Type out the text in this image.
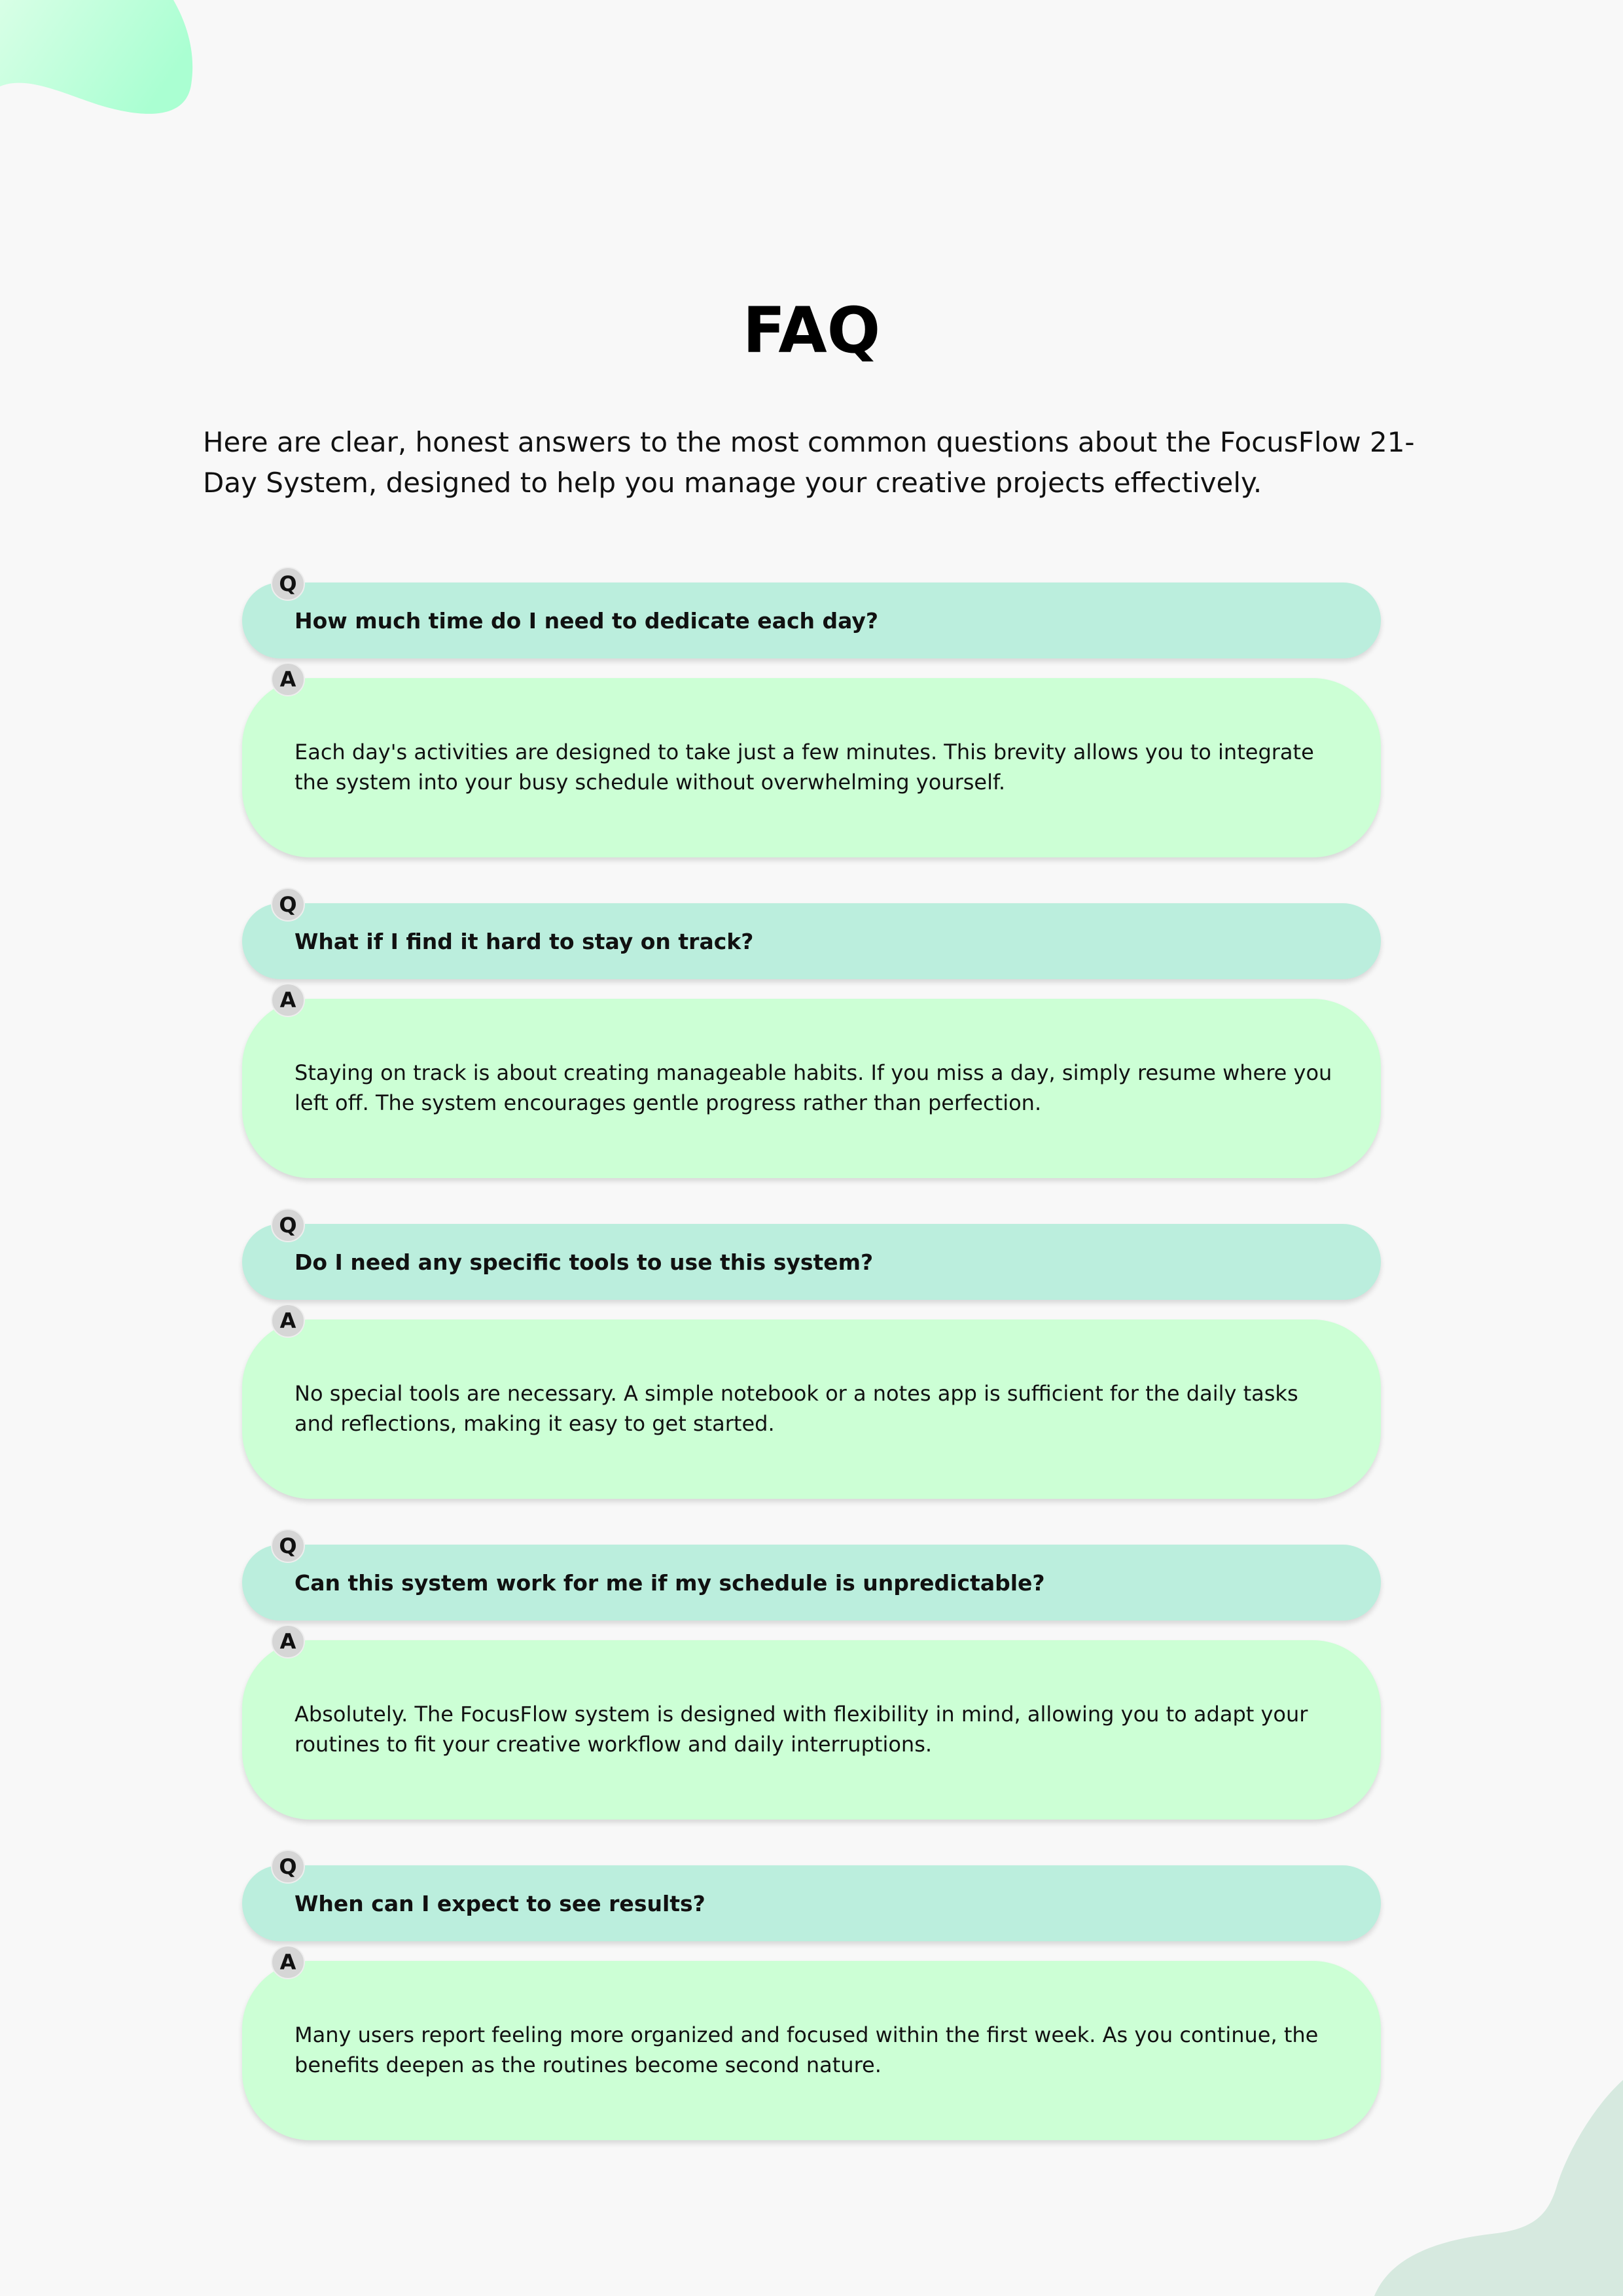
FAQ

Here are clear, honest answers to the most common questions about the FocusFlow 21-Day System, designed to help you manage your creative projects effectively.

Q
How much time do I need to dedicate each day?
A

Each day's activities are designed to take just a few minutes. This brevity allows you to integrate the system into your busy schedule without overwhelming yourself.

Q
What if I find it hard to stay on track?
A

Staying on track is about creating manageable habits. If you miss a day, simply resume where you left off. The system encourages gentle progress rather than perfection.

Q
Do I need any specific tools to use this system?
A

No special tools are necessary. A simple notebook or a notes app is sufficient for the daily tasks and reflections, making it easy to get started.

Q
Can this system work for me if my schedule is unpredictable?
A

Absolutely. The FocusFlow system is designed with flexibility in mind, allowing you to adapt your routines to fit your creative workflow and daily interruptions.

Q
When can I expect to see results?
A

Many users report feeling more organized and focused within the first week. As you continue, the benefits deepen as the routines become second nature.
